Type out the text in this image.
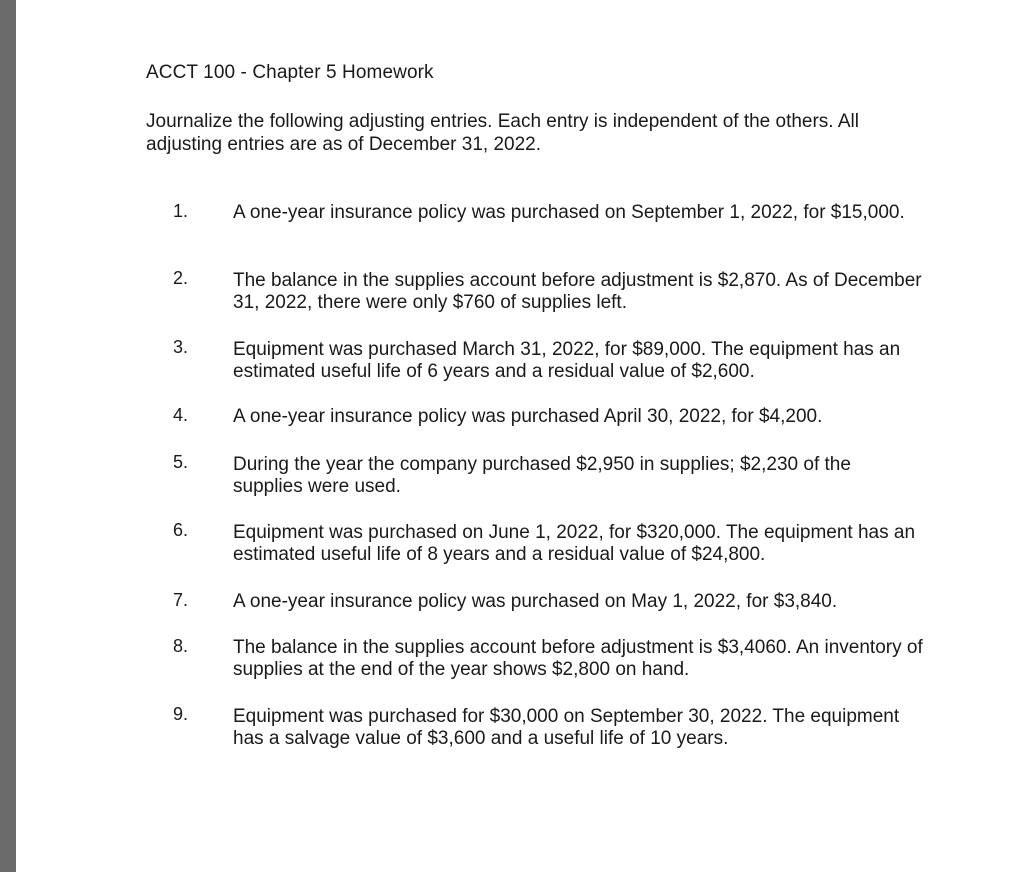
ACCT 100 - Chapter 5 Homework
Journalize the following adjusting entries. Each entry is independent of the others. All adjusting entries are as of December 31, 2022.
1. A one-year insurance policy was purchased on September 1, 2022, for $15,000.
2. The balance in the supplies account before adjustment is $2,870. As of December 31, 2022, there were only $760 of supplies left.
3. Equipment was purchased March 31, 2022, for $89,000. The equipment has an estimated useful life of 6 years and a residual value of $2,600.
4. A one-year insurance policy was purchased April 30, 2022, for $4,200.
5. During the year the company purchased $2,950 in supplies; $2,230 of the supplies were used.
6. Equipment was purchased on June 1, 2022, for $320,000. The equipment has an estimated useful life of 8 years and a residual value of $24,800.
7. A one-year insurance policy was purchased on May 1, 2022, for $3,840.
8. The balance in the supplies account before adjustment is $3,4060. An inventory of supplies at the end of the year shows $2,800 on hand.
9. Equipment was purchased for $30,000 on September 30, 2022. The equipment has a salvage value of $3,600 and a useful life of 10 years.
